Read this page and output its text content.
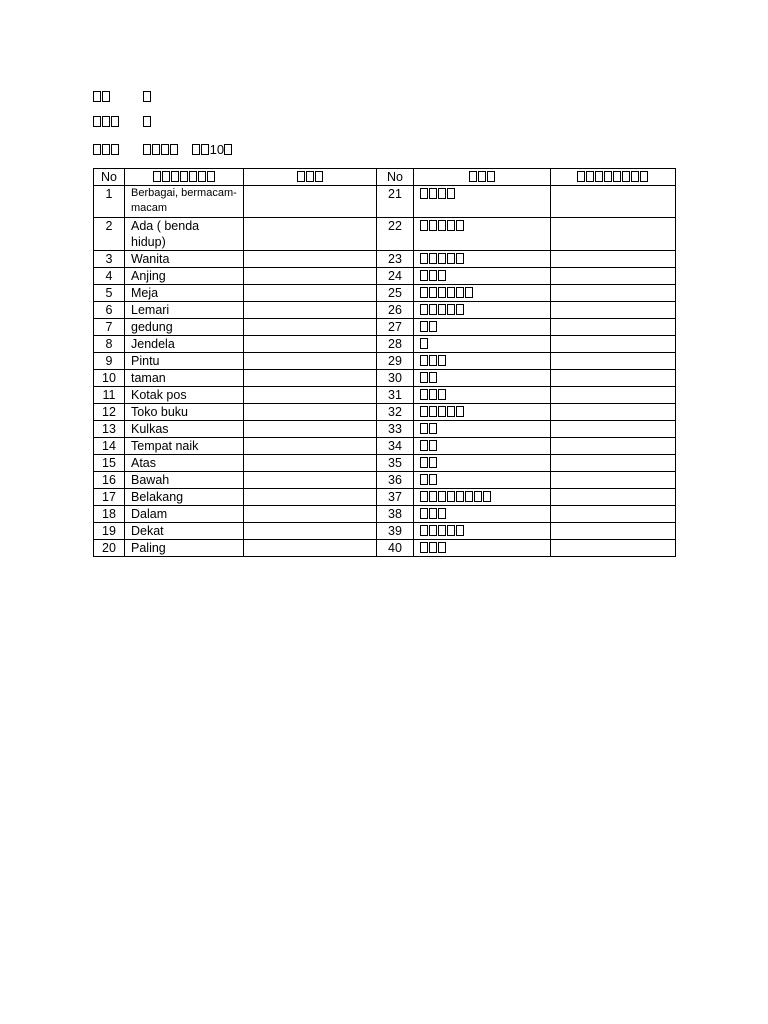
　10
No			No		
1	Berbagai, bermacam-macam		21		
2	Ada ( benda hidup)		22		
3	Wanita		23		
4	Anjing		24		
5	Meja		25		
6	Lemari		26		
7	gedung		27		
8	Jendela		28		
9	Pintu		29		
10	taman		30		
11	Kotak pos		31		
12	Toko buku		32		
13	Kulkas		33		
14	Tempat naik		34		
15	Atas		35		
16	Bawah		36		
17	Belakang		37		
18	Dalam		38		
19	Dekat		39		
20	Paling		40		
